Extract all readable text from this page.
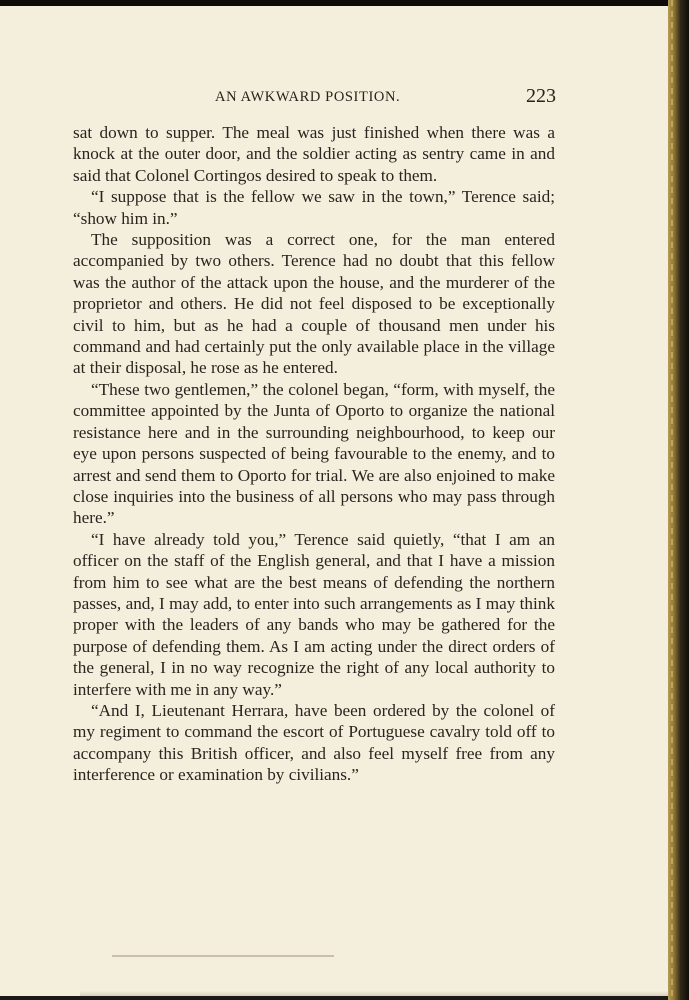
AN AWKWARD POSITION.	223

sat down to supper. The meal was just finished when there was a knock at the outer door, and the soldier acting as sentry came in and said that Colonel Cortingos desired to speak to them.

“I suppose that is the fellow we saw in the town,” Terence said; “show him in.”

The supposition was a correct one, for the man entered accompanied by two others. Terence had no doubt that this fellow was the author of the attack upon the house, and the murderer of the proprietor and others. He did not feel disposed to be exceptionally civil to him, but as he had a couple of thousand men under his command and had certainly put the only available place in the village at their disposal, he rose as he entered.

“These two gentlemen,” the colonel began, “form, with myself, the committee appointed by the Junta of Oporto to organize the national resistance here and in the surrounding neighbourhood, to keep our eye upon persons suspected of being favourable to the enemy, and to arrest and send them to Oporto for trial. We are also enjoined to make close inquiries into the business of all persons who may pass through here.”

“I have already told you,” Terence said quietly, “that I am an officer on the staff of the English general, and that I have a mission from him to see what are the best means of defending the northern passes, and, I may add, to enter into such arrangements as I may think proper with the leaders of any bands who may be gathered for the purpose of defending them. As I am acting under the direct orders of the general, I in no way recognize the right of any local authority to interfere with me in any way.”

“And I, Lieutenant Herrara, have been ordered by the colonel of my regiment to command the escort of Portuguese cavalry told off to accompany this British officer, and also feel myself free from any interference or examination by civilians.”
